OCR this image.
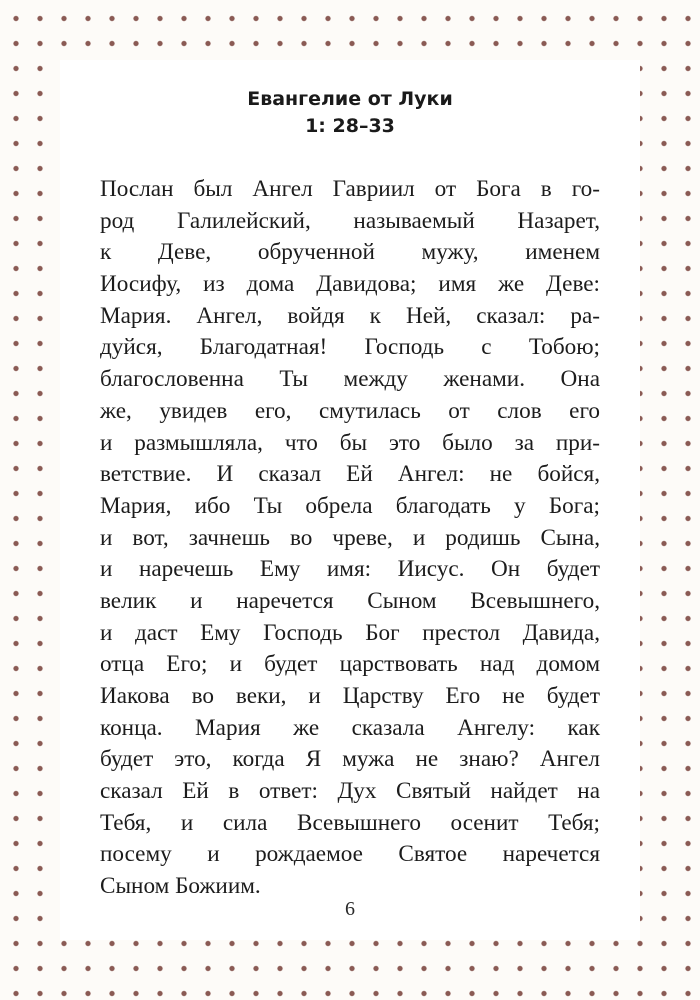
Евангелие от Луки
1: 28–33
Послан был Ангел Гавриил от Бога в го-
род Галилейский, называемый Назарет,
к Деве, обрученной мужу, именем
Иосифу, из дома Давидова; имя же Деве:
Мария. Ангел, войдя к Ней, сказал: ра-
дуйся, Благодатная! Господь с Тобою;
благословенна Ты между женами. Она
же, увидев его, смутилась от слов его
и размышляла, что бы это было за при-
ветствие. И сказал Ей Ангел: не бойся,
Мария, ибо Ты обрела благодать у Бога;
и вот, зачнешь во чреве, и родишь Сына,
и наречешь Ему имя: Иисус. Он будет
велик и наречется Сыном Всевышнего,
и даст Ему Господь Бог престол Давида,
отца Его; и будет царствовать над домом
Иакова во веки, и Царству Его не будет
конца. Мария же сказала Ангелу: как
будет это, когда Я мужа не знаю? Ангел
сказал Ей в ответ: Дух Святый найдет на
Тебя, и сила Всевышнего осенит Тебя;
посему и рождаемое Святое наречется
Сыном Божиим.
6
